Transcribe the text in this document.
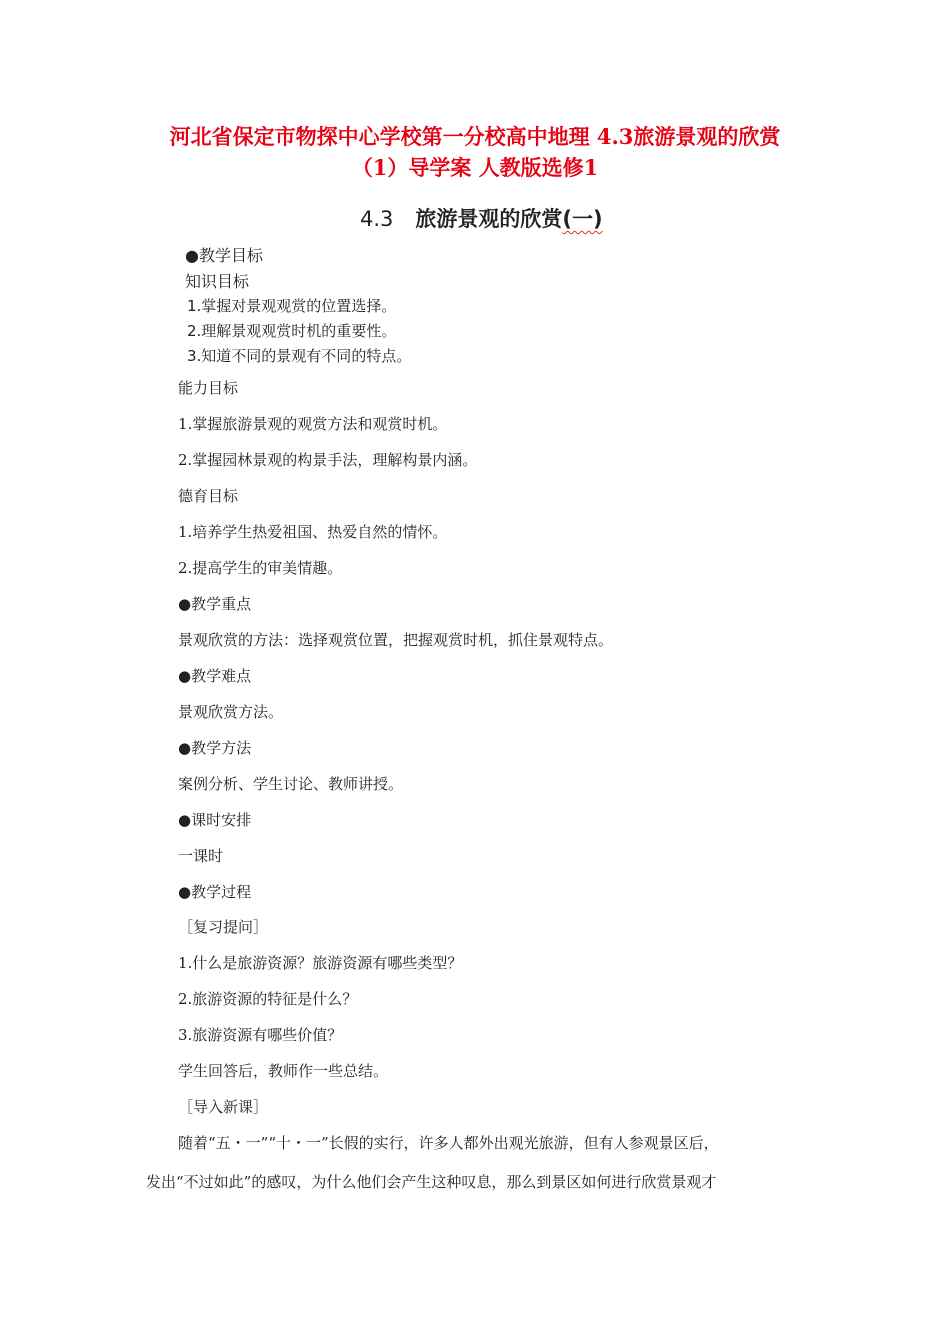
河北省保定市物探中心学校第一分校高中地理 4.3旅游景观的欣赏
（1）导学案 人教版选修1
4.3 旅游景观的欣赏(一)
●教学目标
知识目标
1.掌握对景观观赏的位置选择。
2.理解景观观赏时机的重要性。
3.知道不同的景观有不同的特点。
能力目标
1.掌握旅游景观的观赏方法和观赏时机。
2.掌握园林景观的构景手法，理解构景内涵。
德育目标
1.培养学生热爱祖国、热爱自然的情怀。
2.提高学生的审美情趣。
●教学重点
景观欣赏的方法：选择观赏位置，把握观赏时机，抓住景观特点。
●教学难点
景观欣赏方法。
●教学方法
案例分析、学生讨论、教师讲授。
●课时安排
一课时
●教学过程
［复习提问］
1.什么是旅游资源？旅游资源有哪些类型？
2.旅游资源的特征是什么？
3.旅游资源有哪些价值？
学生回答后，教师作一些总结。
［导入新课］
随着“五・一”“十・一”长假的实行，许多人都外出观光旅游，但有人参观景区后，
发出“不过如此”的感叹，为什么他们会产生这种叹息，那么到景区如何进行欣赏景观才
